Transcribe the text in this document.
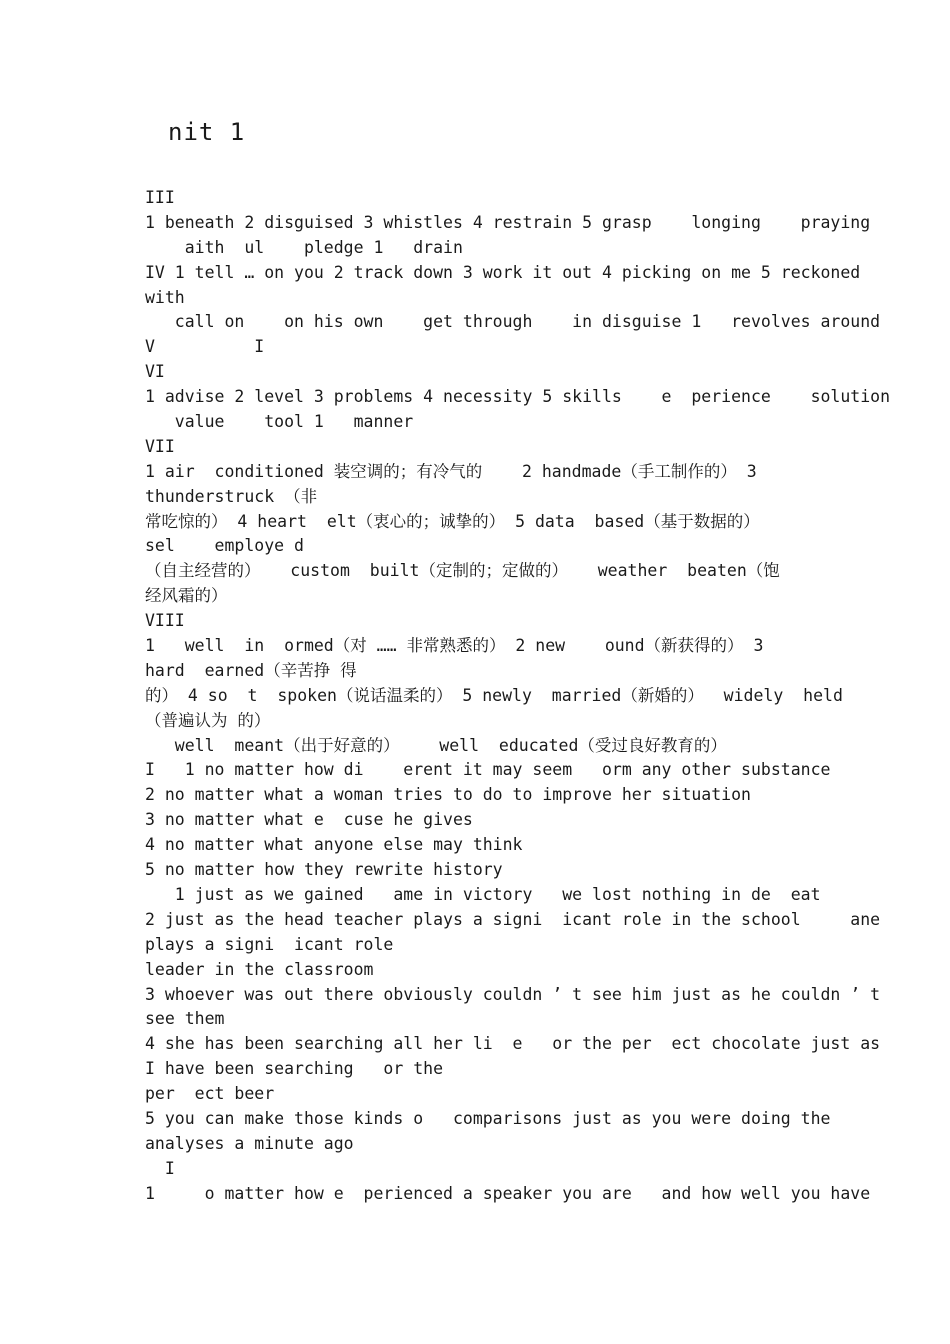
nit 1
III
1 beneath 2 disguised 3 whistles 4 restrain 5 grasp    longing    praying
aith  ul    pledge 1   drain
IV 1 tell … on you 2 track down 3 work it out 4 picking on me 5 reckoned
with
call on    on his own    get through    in disguise 1   revolves around
V          I
VI
1 advise 2 level 3 problems 4 necessity 5 skills    e  perience    solution
value    tool 1   manner
VII
1 air  conditioned 装空调的；有冷气的    2 handmade（手工制作的） 3
thunderstruck （非
常吃惊的） 4 heart  elt（衷心的；诚挚的） 5 data  based（基于数据的）
sel    employe d
（自主经营的）   custom  built（定制的；定做的）   weather  beaten（饱
经风霜的）
VIII
1   well  in  ormed（对 …… 非常熟悉的） 2 new    ound（新获得的） 3
hard  earned（辛苦挣 得
的） 4 so  t  spoken（说话温柔的） 5 newly  married（新婚的）  widely  held
（普遍认为 的）
well  meant（出于好意的）    well  educated（受过良好教育的）
I   1 no matter how di    erent it may seem   orm any other substance
2 no matter what a woman tries to do to improve her situation
3 no matter what e  cuse he gives
4 no matter what anyone else may think
5 no matter how they rewrite history
1 just as we gained   ame in victory   we lost nothing in de  eat
2 just as the head teacher plays a signi  icant role in the school     ane
plays a signi  icant role
leader in the classroom
3 whoever was out there obviously couldn ’ t see him just as he couldn ’ t
see them
4 she has been searching all her li  e   or the per  ect chocolate just as
I have been searching   or the
per  ect beer
5 you can make those kinds o   comparisons just as you were doing the
analyses a minute ago
I
1     o matter how e  perienced a speaker you are   and how well you have
